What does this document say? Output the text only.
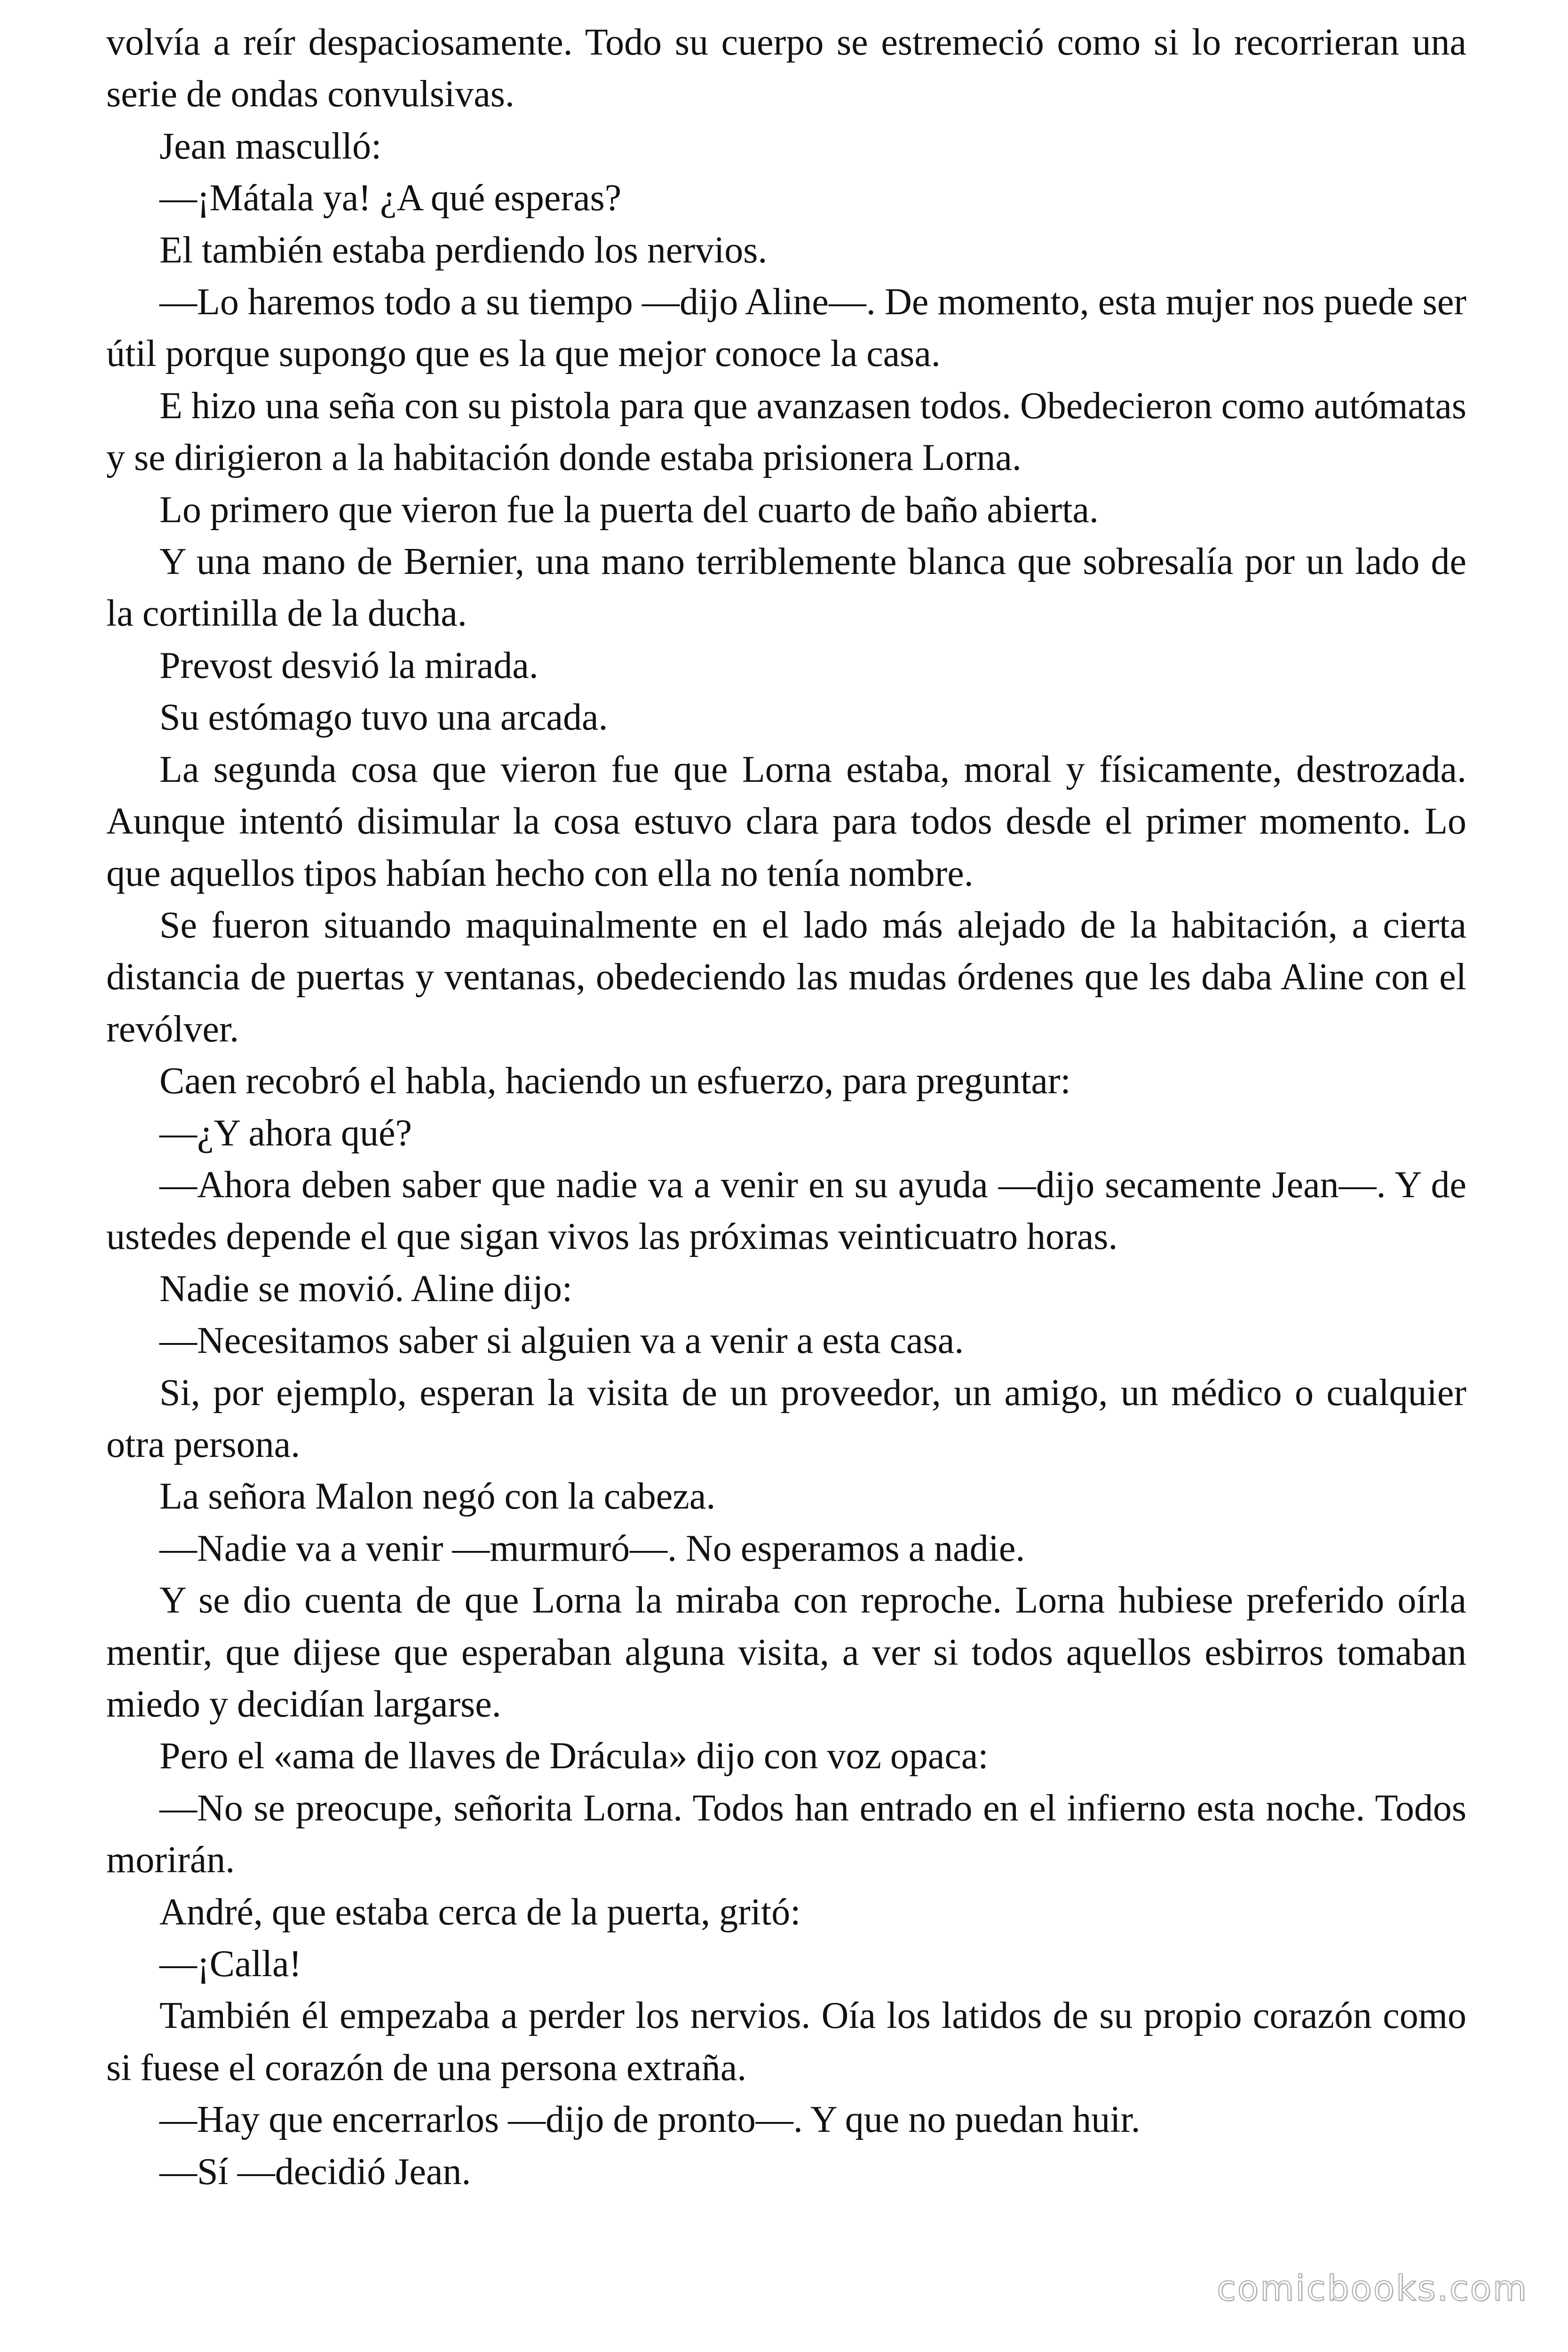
volvía a reír despaciosamente. Todo su cuerpo se estremeció como si lo recorrieran una serie de ondas convulsivas.

Jean masculló:

—¡Mátala ya! ¿A qué esperas?

El también estaba perdiendo los nervios.

—Lo haremos todo a su tiempo —dijo Aline—. De momento, esta mujer nos puede ser útil porque supongo que es la que mejor conoce la casa.

E hizo una seña con su pistola para que avanzasen todos. Obedecieron como autómatas y se dirigieron a la habitación donde estaba prisionera Lorna.

Lo primero que vieron fue la puerta del cuarto de baño abierta.

Y una mano de Bernier, una mano terriblemente blanca que sobresalía por un lado de la cortinilla de la ducha.

Prevost desvió la mirada.

Su estómago tuvo una arcada.

La segunda cosa que vieron fue que Lorna estaba, moral y físicamente, destrozada. Aunque intentó disimular la cosa estuvo clara para todos desde el primer momento. Lo que aquellos tipos habían hecho con ella no tenía nombre.

Se fueron situando maquinalmente en el lado más alejado de la habitación, a cierta distancia de puertas y ventanas, obedeciendo las mudas órdenes que les daba Aline con el revólver.

Caen recobró el habla, haciendo un esfuerzo, para preguntar:

—¿Y ahora qué?

—Ahora deben saber que nadie va a venir en su ayuda —dijo secamente Jean—. Y de ustedes depende el que sigan vivos las próximas veinticuatro horas.

Nadie se movió. Aline dijo:

—Necesitamos saber si alguien va a venir a esta casa.

Si, por ejemplo, esperan la visita de un proveedor, un amigo, un médico o cualquier otra persona.

La señora Malon negó con la cabeza.

—Nadie va a venir —murmuró—. No esperamos a nadie.

Y se dio cuenta de que Lorna la miraba con reproche. Lorna hubiese preferido oírla mentir, que dijese que esperaban alguna visita, a ver si todos aquellos esbirros tomaban miedo y decidían largarse.

Pero el «ama de llaves de Drácula» dijo con voz opaca:

—No se preocupe, señorita Lorna. Todos han entrado en el infierno esta noche. Todos morirán.

André, que estaba cerca de la puerta, gritó:

—¡Calla!

También él empezaba a perder los nervios. Oía los latidos de su propio corazón como si fuese el corazón de una persona extraña.

—Hay que encerrarlos —dijo de pronto—. Y que no puedan huir.

—Sí —decidió Jean.

comicbooks.com
